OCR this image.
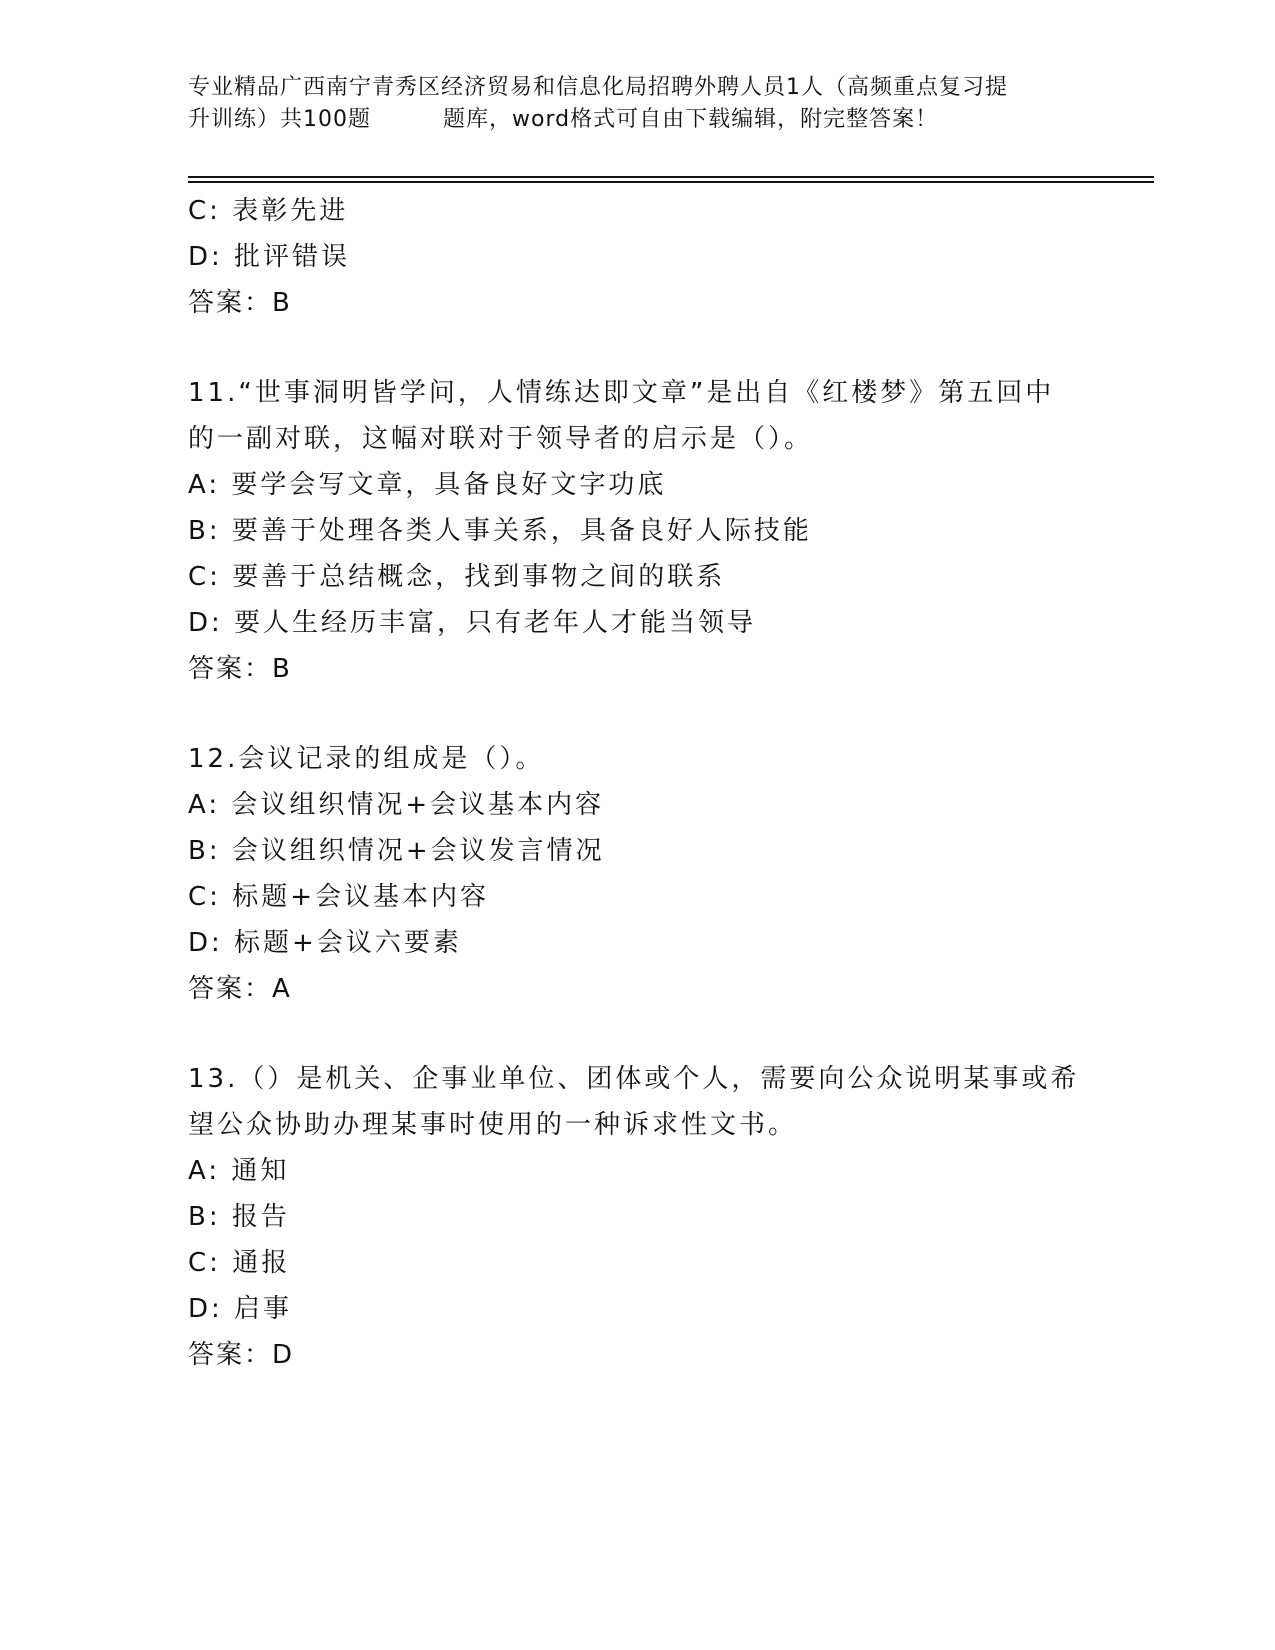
专业精品广西南宁青秀区经济贸易和信息化局招聘外聘人员1人（高频重点复习提
升训练）共100题	题库，word格式可自由下载编辑，附完整答案！
C: 表彰先进
D: 批评错误
答案：B
11.“世事洞明皆学问，人情练达即文章”是出自《红楼梦》第五回中
的一副对联，这幅对联对于领导者的启示是（）。
A: 要学会写文章，具备良好文字功底
B: 要善于处理各类人事关系，具备良好人际技能
C: 要善于总结概念，找到事物之间的联系
D: 要人生经历丰富，只有老年人才能当领导
答案：B
12.会议记录的组成是（）。
A: 会议组织情况+会议基本内容
B: 会议组织情况+会议发言情况
C: 标题+会议基本内容
D: 标题+会议六要素
答案：A
13.（）是机关、企事业单位、团体或个人，需要向公众说明某事或希
望公众协助办理某事时使用的一种诉求性文书。
A: 通知
B: 报告
C: 通报
D: 启事
答案：D
